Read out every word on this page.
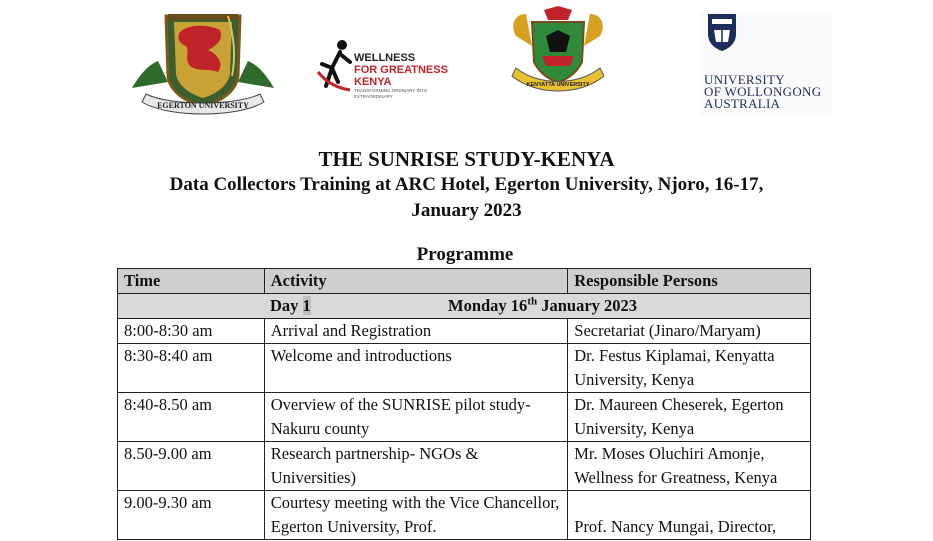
EGERTON UNIVERSITY
WELLNESS
FOR GREATNESS KENYA
TRANSFORMING ORDINARY INTO EXTRAORDINARY
KENYATTA UNIVERSITY	UNIVERSITY
OF WOLLONGONG
AUSTRALIA
THE SUNRISE STUDY-KENYA
Data Collectors Training at ARC Hotel, Egerton University, Njoro, 16-17,
January 2023
Programme
Time	Activity	Responsible Persons

Day 1 Monday 16th January 2023		

8:00-8:30 am	Arrival and Registration	Secretariat (Jinaro/Maryam)
8:30-8:40 am	Welcome and introductions	Dr. Festus Kiplamai, Kenyatta University, Kenya
8:40-8.50 am	Overview of the SUNRISE pilot study- Nakuru county	Dr. Maureen Cheserek, Egerton University, Kenya
8.50-9.00 am	Research partnership- NGOs & Universities)	Mr. Moses Oluchiri Amonje, Wellness for Greatness, Kenya
9.00-9.30 am	Courtesy meeting with the Vice Chancellor, Egerton University, Prof.	Prof. Nancy Mungai, Director,
